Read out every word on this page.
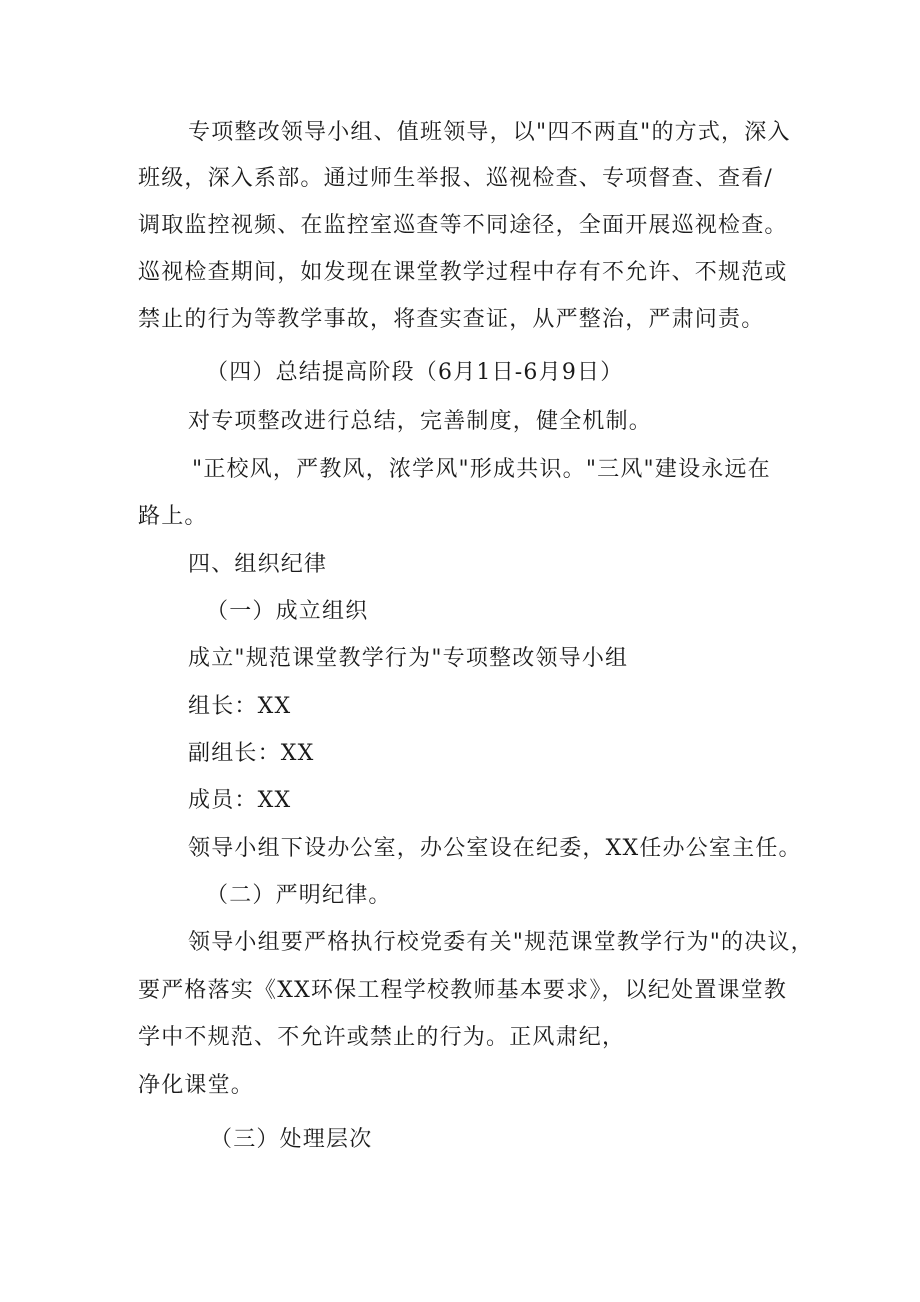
专项整改领导小组、值班领导，以"四不两直"的方式，深入
班级，深入系部。通过师生举报、巡视检查、专项督查、查看/
调取监控视频、在监控室巡查等不同途径，全面开展巡视检查。
巡视检查期间，如发现在课堂教学过程中存有不允许、不规范或
禁止的行为等教学事故，将查实查证，从严整治，严肃问责。
（四）总结提高阶段（6月1日-6月9日）
对专项整改进行总结，完善制度，健全机制。
"正校风，严教风，浓学风"形成共识。"三风"建设永远在
路上。
四、组织纪律
（一）成立组织
成立"规范课堂教学行为"专项整改领导小组
组长：XX
副组长：XX
成员：XX
领导小组下设办公室，办公室设在纪委，XX任办公室主任。
（二）严明纪律。
领导小组要严格执行校党委有关"规范课堂教学行为"的决议，
要严格落实《XX环保工程学校教师基本要求》，以纪处置课堂教
学中不规范、不允许或禁止的行为。正风肃纪，
净化课堂。
（三）处理层次
